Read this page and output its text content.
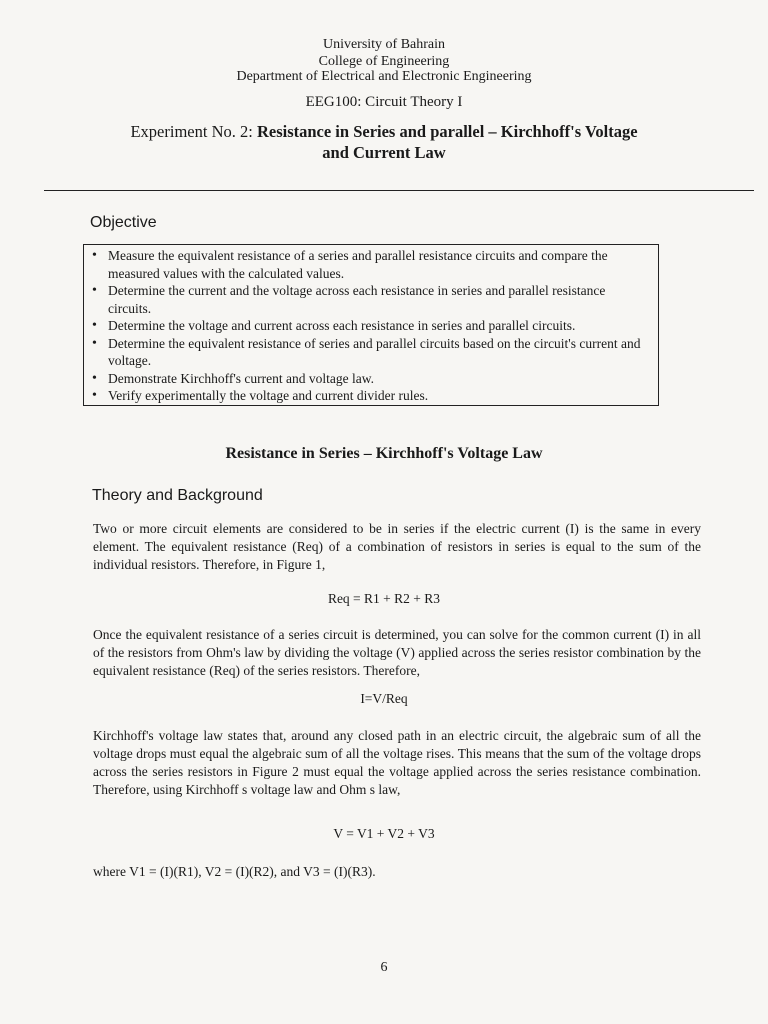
University of Bahrain
College of Engineering
Department of Electrical and Electronic Engineering
EEG100: Circuit Theory I
Experiment No. 2: Resistance in Series and parallel – Kirchhoff's Voltage
and Current Law
Objective
• Measure the equivalent resistance of a series and parallel resistance circuits and compare the measured values with the calculated values.
• Determine the current and the voltage across each resistance in series and parallel resistance circuits.
• Determine the voltage and current across each resistance in series and parallel circuits.
• Determine the equivalent resistance of series and parallel circuits based on the circuit's current and voltage.
• Demonstrate Kirchhoff's current and voltage law.
• Verify experimentally the voltage and current divider rules.
Resistance in Series – Kirchhoff's Voltage Law
Theory and Background
Two or more circuit elements are considered to be in series if the electric current (I) is the same in every element. The equivalent resistance (Req) of a combination of resistors in series is equal to the sum of the individual resistors. Therefore, in Figure 1,
Req = R1 + R2 + R3
Once the equivalent resistance of a series circuit is determined, you can solve for the common current (I) in all of the resistors from Ohm's law by dividing the voltage (V) applied across the series resistor combination by the equivalent resistance (Req) of the series resistors. Therefore,
I=V/Req
Kirchhoff's voltage law states that, around any closed path in an electric circuit, the algebraic sum of all the voltage drops must equal the algebraic sum of all the voltage rises. This means that the sum of the voltage drops across the series resistors in Figure 2 must equal the voltage applied across the series resistance combination. Therefore, using Kirchhoff s voltage law and Ohm s law,
V = V1 + V2 + V3
where V1 = (I)(R1), V2 = (I)(R2), and V3 = (I)(R3).
6
